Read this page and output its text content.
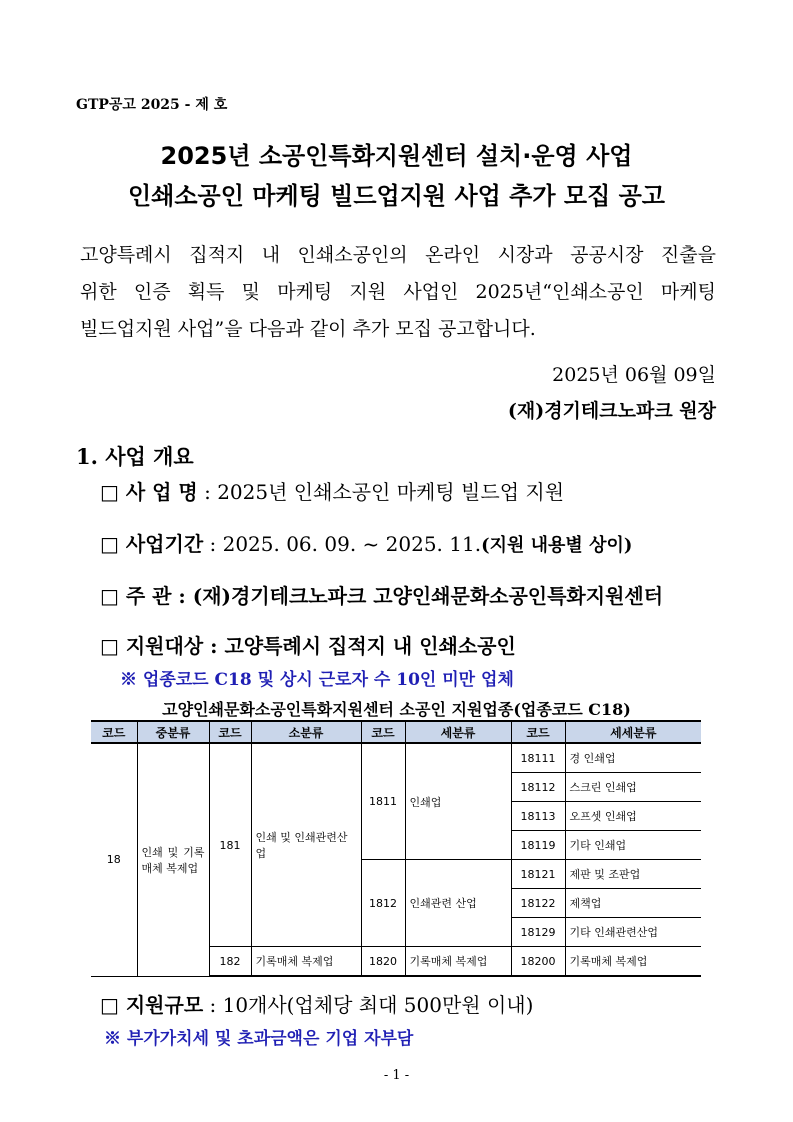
GTP공고 2025 - 제 호
2025년 소공인특화지원센터 설치·운영 사업
인쇄소공인 마케팅 빌드업지원 사업 추가 모집 공고
고양특례시 집적지 내 인쇄소공인의 온라인 시장과 공공시장 진출을
위한 인증 획득 및 마케팅 지원 사업인 2025년“인쇄소공인 마케팅
빌드업지원 사업”을 다음과 같이 추가 모집 공고합니다.
2025년 06월 09일
(재)경기테크노파크 원장
1. 사업 개요
□ 사 업 명 : 2025년 인쇄소공인 마케팅 빌드업 지원
□ 사업기간 : 2025. 06. 09. ~ 2025. 11.(지원 내용별 상이)
□ 주 관 : (재)경기테크노파크 고양인쇄문화소공인특화지원센터
□ 지원대상 : 고양특례시 집적지 내 인쇄소공인
※ 업종코드 C18 및 상시 근로자 수 10인 미만 업체
고양인쇄문화소공인특화지원센터 소공인 지원업종(업종코드 C18)
코드	중분류	코드	소분류	코드	세분류	코드	세세분류
18	인쇄 및 기록매체 복제업	181	인쇄 및 인쇄관련산업	1811	인쇄업	18111	경 인쇄업
						18112	스크린 인쇄업
						18113	오프셋 인쇄업
						18119	기타 인쇄업
				1812	인쇄관련 산업	18121	제판 및 조판업
						18122	제책업
						18129	기타 인쇄관련산업
		182	기록매체 복제업	1820	기록매체 복제업	18200	기록매체 복제업
□ 지원규모 : 10개사(업체당 최대 500만원 이내)
※ 부가가치세 및 초과금액은 기업 자부담
- 1 -
